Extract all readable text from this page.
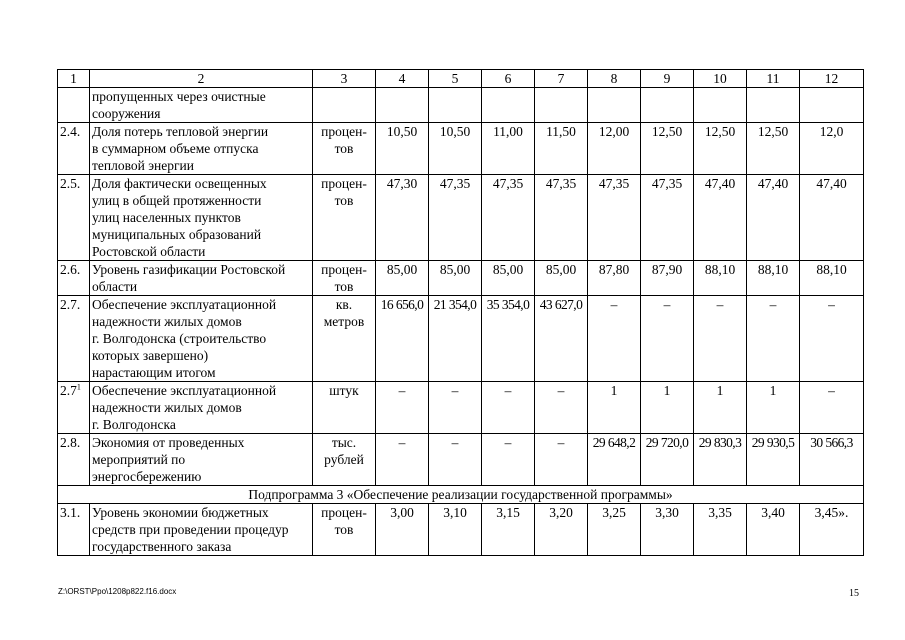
1	2	3	4	5	6	7	8	9	10	11	12

	пропущенных через очистные
сооружения										

2.4.	Доля потерь тепловой энергии
в суммарном объеме отпуска
тепловой энергии	процен-
тов	10,50	10,50	11,00	11,50	12,00	12,50	12,50	12,50	12,0
2.5.	Доля фактически освещенных
улиц в общей протяженности
улиц населенных пунктов
муниципальных образований
Ростовской области	процен-
тов	47,30	47,35	47,35	47,35	47,35	47,35	47,40	47,40	47,40
2.6.	Уровень газификации Ростовской
области	процен-
тов	85,00	85,00	85,00	85,00	87,80	87,90	88,10	88,10	88,10
2.7.	Обеспечение эксплуатационной
надежности жилых домов
г. Волгодонска (строительство
которых завершено)
нарастающим итогом	кв.
метров	16 656,0	21 354,0	35 354,0	43 627,0	–	–	–	–	–
$2.7^1$	Обеспечение эксплуатационной
надежности жилых домов
г. Волгодонска	штук	–	–	–	–	1	1	1	1	–
2.8.	Экономия от проведенных
мероприятий по
энергосбережению	тыс.
рублей	–	–	–	–	29 648,2	29 720,0	29 830,3	29 930,5	30 566,3
Подпрограмма 3 «Обеспечение реализации государственной программы»											
3.1.	Уровень экономии бюджетных
средств при проведении процедур
государственного заказа	процен-
тов	3,00	3,10	3,15	3,20	3,25	3,30	3,35	3,40	3,45».
Z:\ORST\Ppo\1208p822.f16.docx	15
